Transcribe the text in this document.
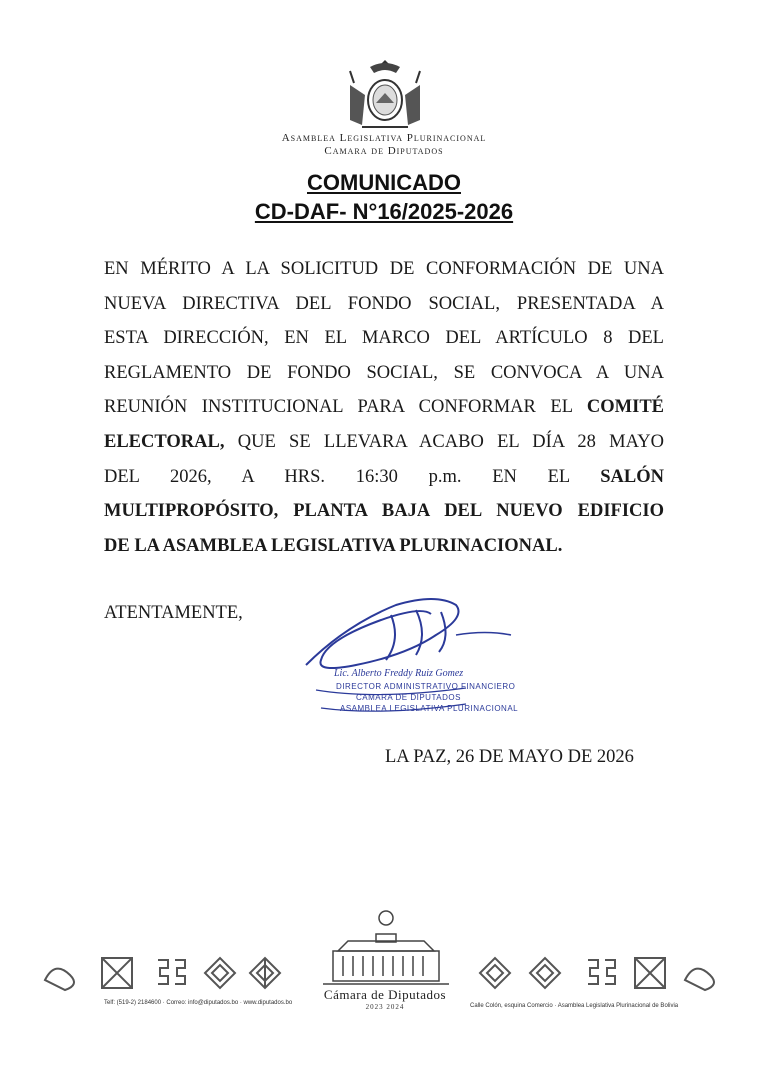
Asamblea Legislativa Plurinacional
Camara de Diputados
COMUNICADO
CD-DAF- N°16/2025-2026
EN MÉRITO A LA SOLICITUD DE CONFORMACIÓN DE UNA
NUEVA DIRECTIVA DEL FONDO SOCIAL, PRESENTADA A
ESTA DIRECCIÓN, EN EL MARCO DEL ARTÍCULO 8 DEL
REGLAMENTO DE FONDO SOCIAL, SE CONVOCA A UNA
REUNIÓN INSTITUCIONAL PARA CONFORMAR EL COMITÉ
ELECTORAL, QUE SE LLEVARA ACABO EL DÍA 28 MAYO
DEL 2026, A HRS. 16:30 p.m. EN EL SALÓN
MULTIPROPÓSITO, PLANTA BAJA DEL NUEVO EDIFICIO
DE LA ASAMBLEA LEGISLATIVA PLURINACIONAL.
ATENTAMENTE,
Lic. Alberto Freddy Ruiz Gomez
DIRECTOR ADMINISTRATIVO FINANCIERO
CAMARA DE DIPUTADOS
ASAMBLEA LEGISLATIVA PLURINACIONAL
LA PAZ, 26 DE MAYO DE 2026
Cámara de Diputados
2023 2024
Telf: (519-2) 2184600 · Correo: info@diputados.bo · www.diputados.bo	Calle Colón, esquina Comercio · Asamblea Legislativa Plurinacional de Bolivia
